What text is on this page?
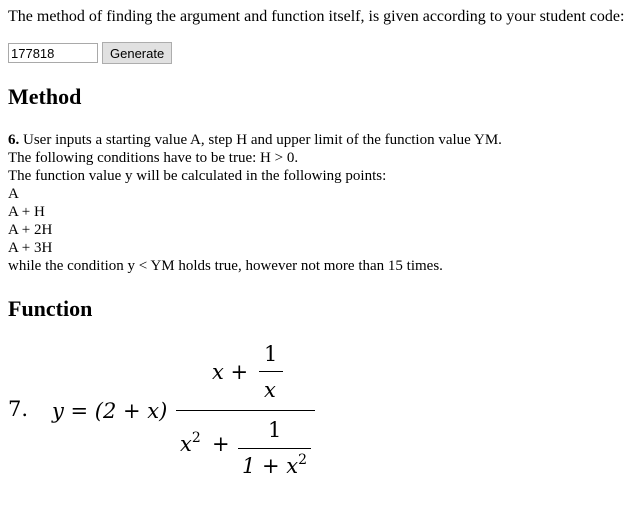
The method of finding the argument and function itself, is given according to your student code:
177818
Generate
Method
6. User inputs a starting value A, step H and upper limit of the function value YM.
The following conditions have to be true: H > 0.
The function value y will be calculated in the following points:
A
A + H
A + 2H
A + 3H
while the condition y < YM holds true, however not more than 15 times.
Function
7. y = (2 + x)
x +
1
x
$x^2$ +
1
$1 + x^2$
